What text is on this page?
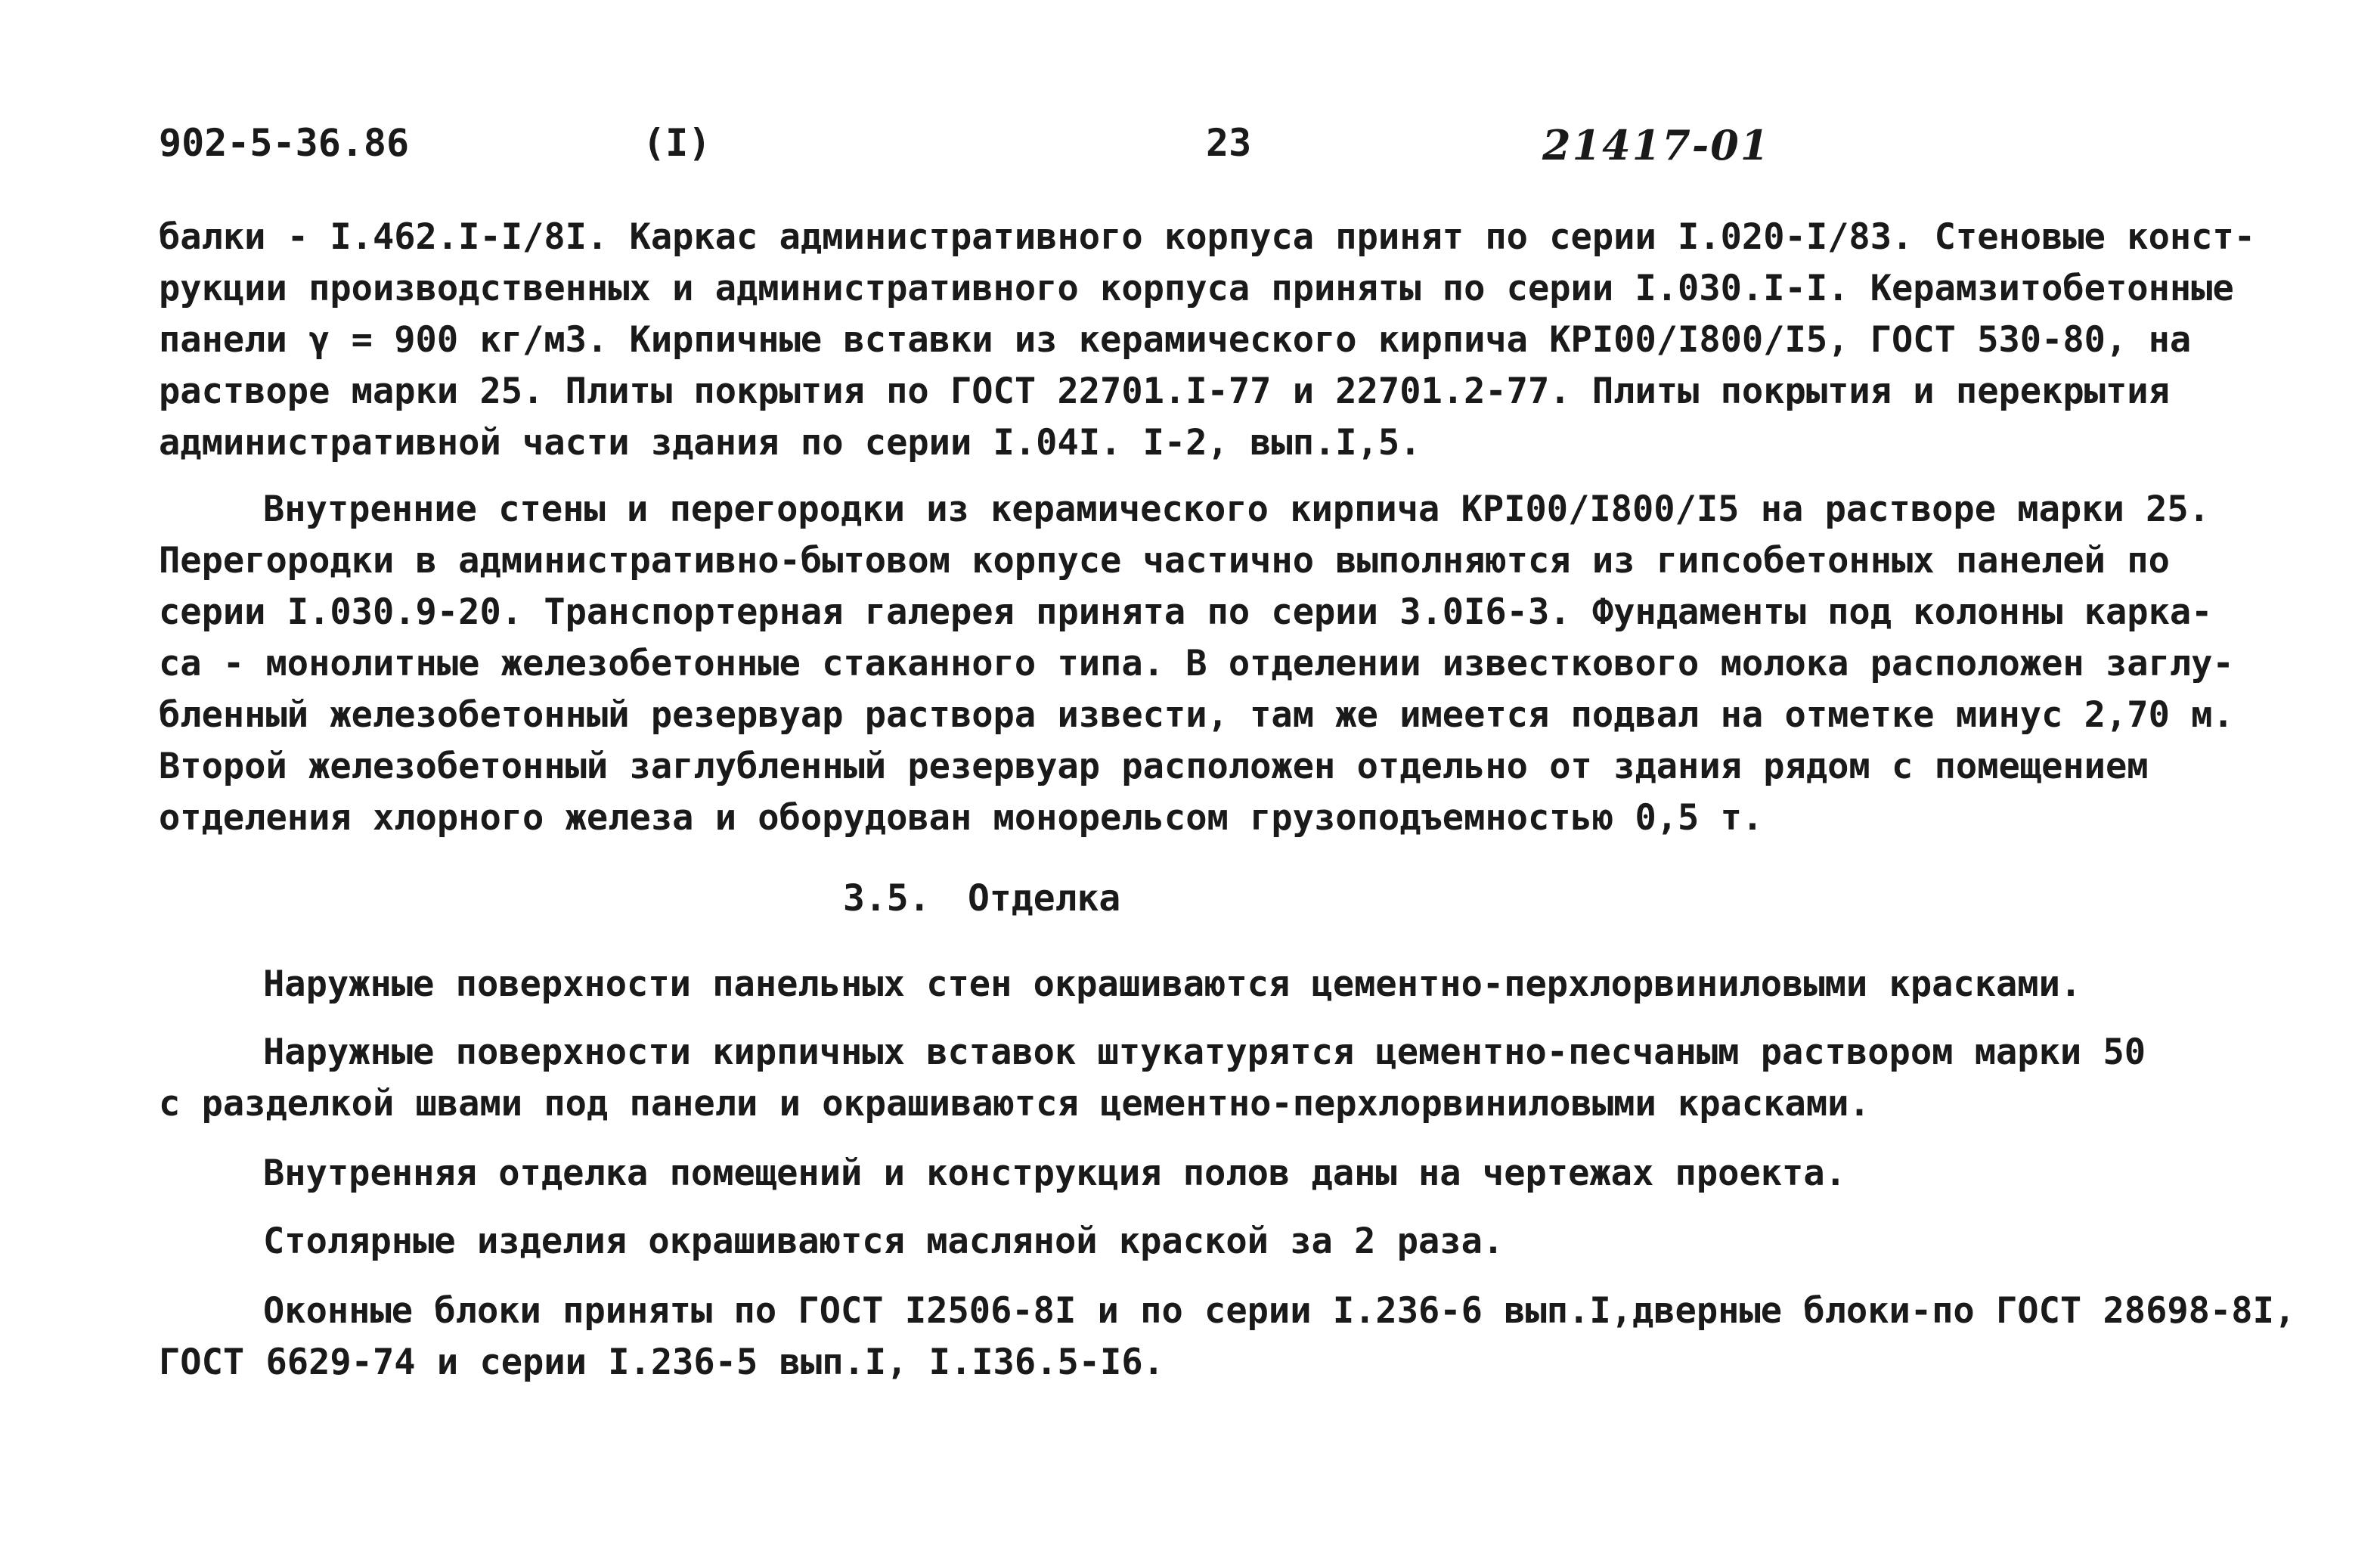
902-5-36.86	(I)	23	21417-01
балки - I.462.I-I/8I. Каркас административного корпуса принят по серии I.020-I/83. Стеновые конст-
рукции производственных и административного корпуса приняты по серии I.030.I-I. Керамзитобетонные
панели γ = 900 кг/м3. Кирпичные вставки из керамического кирпича КРI00/I800/I5, ГОСТ 530-80, на
растворе марки 25. Плиты покрытия по ГОСТ 22701.I-77 и 22701.2-77. Плиты покрытия и перекрытия
административной части здания по серии I.04I. I-2, вып.I,5.
Внутренние стены и перегородки из керамического кирпича КРI00/I800/I5 на растворе марки 25.
Перегородки в административно-бытовом корпусе частично выполняются из гипсобетонных панелей по
серии I.030.9-20. Транспортерная галерея принята по серии 3.0I6-3. Фундаменты под колонны карка-
са - монолитные железобетонные стаканного типа. В отделении известкового молока расположен заглу-
бленный железобетонный резервуар раствора извести, там же имеется подвал на отметке минус 2,70 м.
Второй железобетонный заглубленный резервуар расположен отдельно от здания рядом с помещением
отделения хлорного железа и оборудован монорельсом грузоподъемностью 0,5 т.
3.5. Отделка
Наружные поверхности панельных стен окрашиваются цементно-перхлорвиниловыми красками.
Наружные поверхности кирпичных вставок штукатурятся цементно-песчаным раствором марки 50
с разделкой швами под панели и окрашиваются цементно-перхлорвиниловыми красками.
Внутренняя отделка помещений и конструкция полов даны на чертежах проекта.
Столярные изделия окрашиваются масляной краской за 2 раза.
Оконные блоки приняты по ГОСТ I2506-8I и по серии I.236-6 вып.I,дверные блоки-по ГОСТ 28698-8I,
ГОСТ 6629-74 и серии I.236-5 вып.I, I.I36.5-I6.
